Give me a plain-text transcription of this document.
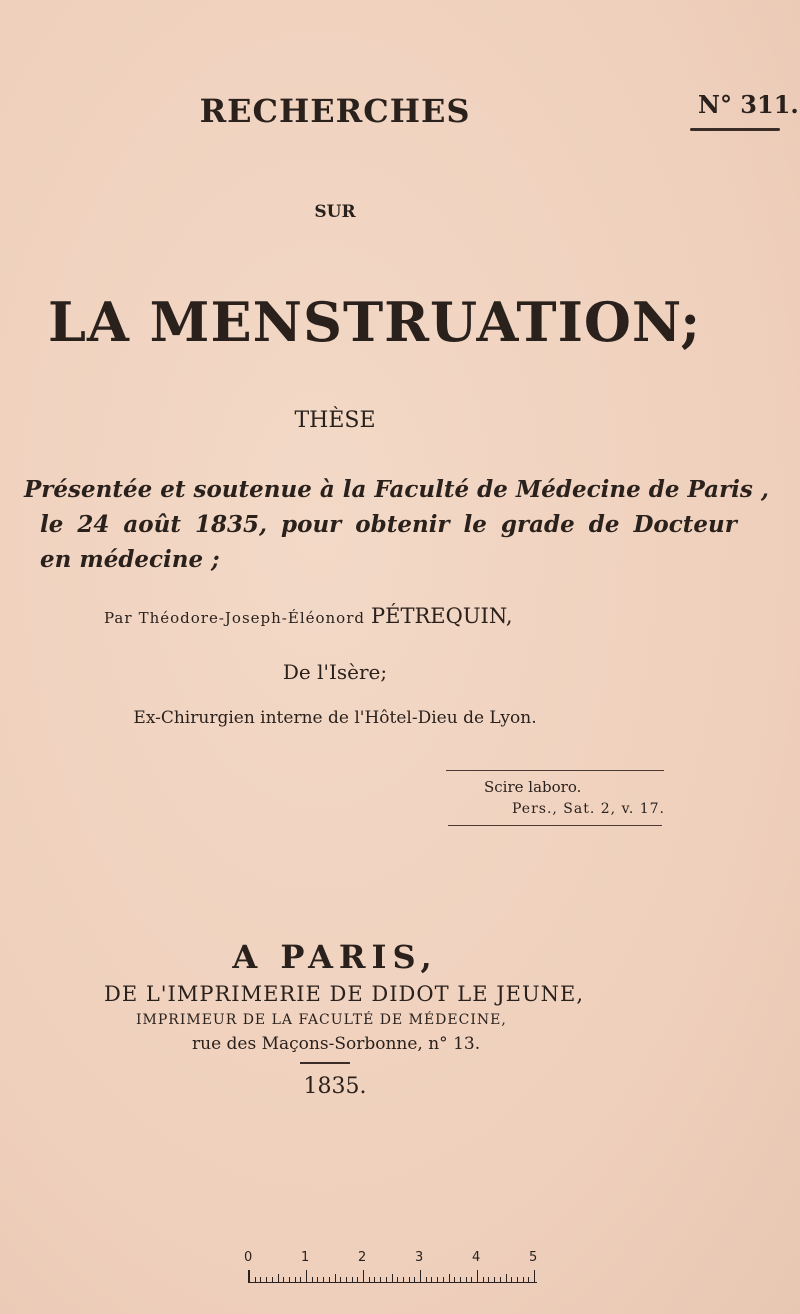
RECHERCHES	N° 311.
SUR
LA MENSTRUATION;
THÈSE
Présentée et soutenue à la Faculté de Médecine de Paris ,
le 24 août 1835, pour obtenir le grade de Docteur
en médecine ;
Par Théodore-Joseph-Éléonord PÉTREQUIN,
De l'Isère;
Ex-Chirurgien interne de l'Hôtel-Dieu de Lyon.
Scire laboro.
Pers., Sat. 2, v. 17.
A PARIS,
DE L'IMPRIMERIE DE DIDOT LE JEUNE,
IMPRIMEUR DE LA FACULTÉ DE MÉDECINE,
rue des Maçons-Sorbonne, n° 13.
1835.
0	1	2	3	4	5
